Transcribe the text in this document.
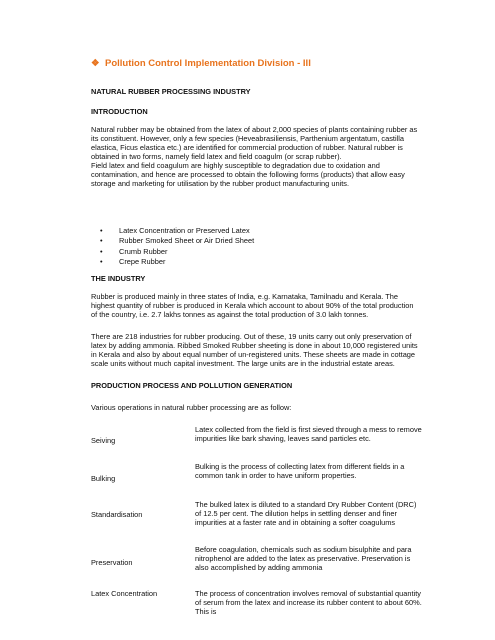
❖ Pollution Control Implementation Division - III
NATURAL RUBBER PROCESSING INDUSTRY
INTRODUCTION

Natural rubber may be obtained from the latex of about 2,000 species of plants containing rubber as its constituent. However, only a few species (Heveabrasiliensis, Parthenium argentatum, castilla elastica, Ficus elastica etc.) are identified for commercial production of rubber. Natural rubber is obtained in two forms, namely field latex and field coagulm (or scrap rubber).

Field latex and field coagulum are highly susceptible to degradation due to oxidation and contamination, and hence are processed to obtain the following forms (products) that allow easy storage and marketing for utilisation by the rubber product manufacturing units.

• Latex Concentration or Preserved Latex
• Rubber Smoked Sheet or Air Dried Sheet
• Crumb Rubber
• Crepe Rubber
THE INDUSTRY
Rubber is produced mainly in three states of India, e.g. Karnataka, Tamilnadu and Kerala. The highest quantity of rubber is produced in Kerala which account to about 90% of the total production of the country, i.e. 2.7 lakhs tonnes as against the total production of 3.0 lakh tonnes.
There are 218 industries for rubber producing. Out of these, 19 units carry out only preservation of latex by adding ammonia. Ribbed Smoked Rubber sheeting is done in about 10,000 registered units in Kerala and also by about equal number of un-registered units. These sheets are made in cottage scale units without much capital investment. The large units are in the industrial estate areas.
PRODUCTION PROCESS AND POLLUTION GENERATION
Various operations in natural rubber processing are as follow:
Seiving
Latex collected from the field is first sieved through a mess to remove impurities like bark shaving, leaves sand particles etc.
Bulking
Bulking is the process of collecting latex from different fields in a common tank in order to have uniform properties.
Standardisation
The bulked latex is diluted to a standard Dry Rubber Content (DRC) of 12.5 per cent. The dilution helps in settling denser and finer impurities at a faster rate and in obtaining a softer coagulums
Preservation
Before coagulation, chemicals such as sodium bisulphite and para nitrophenol are added to the latex as preservative. Preservation is also accomplished by adding ammonia
Latex Concentration	The process of concentration involves removal of substantial quantity of serum from the latex and increase its rubber content to about 60%. This is
